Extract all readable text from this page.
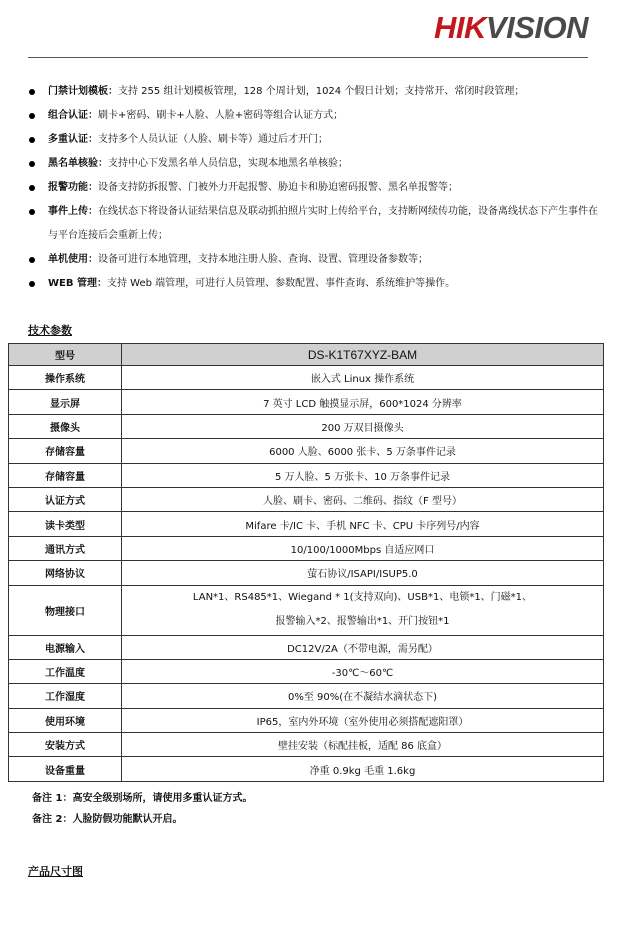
HIKVISION
门禁计划模板：支持 255 组计划模板管理，128 个周计划，1024 个假日计划；支持常开、常闭时段管理；
组合认证：刷卡+密码、刷卡+人脸、人脸+密码等组合认证方式；
多重认证：支持多个人员认证（人脸、刷卡等）通过后才开门；
黑名单核验：支持中心下发黑名单人员信息，实现本地黑名单核验；
报警功能：设备支持防拆报警、门被外力开起报警、胁迫卡和胁迫密码报警、黑名单报警等；
事件上传：在线状态下将设备认证结果信息及联动抓拍照片实时上传给平台，支持断网续传功能，设备离线状态下产生事件在与平台连接后会重新上传；
单机使用：设备可进行本地管理，支持本地注册人脸、查询、设置、管理设备参数等；
WEB 管理：支持 Web 端管理，可进行人员管理、参数配置、事件查询、系统维护等操作。
技术参数
型号	DS-K1T67XYZ-BAM
操作系统	嵌入式 Linux 操作系统
显示屏	7 英寸 LCD 触摸显示屏，600*1024 分辨率
摄像头	200 万双目摄像头
存储容量	6000 人脸、6000 张卡、5 万条事件记录
存储容量	5 万人脸、5 万张卡、10 万条事件记录
认证方式	人脸、刷卡、密码、二维码、指纹（F 型号）
读卡类型	Mifare 卡/IC 卡、手机 NFC 卡、CPU 卡序列号/内容
通讯方式	10/100/1000Mbps 自适应网口
网络协议	萤石协议/ISAPI/ISUP5.0
物理接口	LAN*1、RS485*1、Wiegand * 1(支持双向)、USB*1、电锁*1、门磁*1、
报警输入*2、报警输出*1、开门按钮*1

电源输入	DC12V/2A（不带电源，需另配）
工作温度	-30℃～60℃
工作湿度	0%至 90%(在不凝结水滴状态下)
使用环境	IP65，室内外环境（室外使用必须搭配遮阳罩）
安装方式	壁挂安装（标配挂板，适配 86 底盒）
设备重量	净重 0.9kg 毛重 1.6kg
备注 1：高安全级别场所，请使用多重认证方式。
备注 2：人脸防假功能默认开启。
产品尺寸图
